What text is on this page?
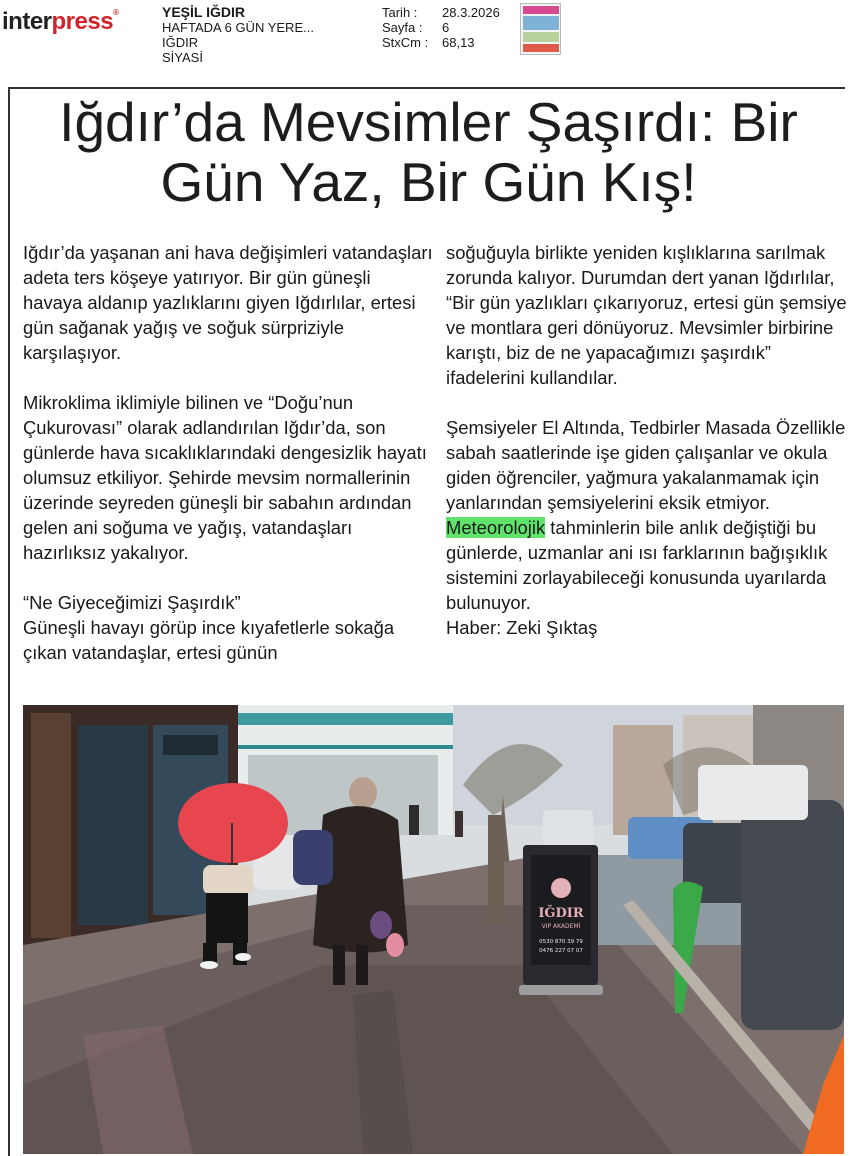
interpress®	YEŞİL IĞDIR
HAFTADA 6 GÜN YERE...
IĞDIR
SİYASİ
Tarih :	28.3.2026
Sayfa :	6
StxCm :	68,13
Iğdır’da Mevsimler Şaşırdı: Bir Gün Yaz, Bir Gün Kış!
Iğdır’da yaşanan ani hava değişimleri vatandaşları adeta ters köşeye yatırıyor. Bir gün güneşli havaya aldanıp yazlıklarını giyen Iğdırlılar, ertesi gün sağanak yağış ve soğuk sürpriziyle karşılaşıyor.

Mikroklima iklimiyle bilinen ve “Doğu’nun Çukurovası” olarak adlandırılan Iğdır’da, son günlerde hava sıcaklıklarındaki dengesizlik hayatı olumsuz etkiliyor. Şehirde mevsim normallerinin üzerinde seyreden güneşli bir sabahın ardından gelen ani soğuma ve yağış, vatandaşları hazırlıksız yakalıyor.

“Ne Giyeceğimizi Şaşırdık”
Güneşli havayı görüp ince kıyafetlerle sokağa çıkan vatandaşlar, ertesi günün
soğuğuyla birlikte yeniden kışlıklarına sarılmak zorunda kalıyor. Durumdan dert yanan Iğdırlılar, “Bir gün yazlıkları çıkarıyoruz, ertesi gün şemsiye ve montlara geri dönüyoruz. Mevsimler birbirine karıştı, biz de ne yapacağımızı şaşırdık” ifadelerini kullandılar.

Şemsiyeler El Altında, Tedbirler Masada Özellikle sabah saatlerinde işe giden çalışanlar ve okula giden öğrenciler, yağmura yakalanmamak için yanlarından şemsiyelerini eksik etmiyor. Meteorolojik tahminlerin bile anlık değiştiği bu günlerde, uzmanlar ani ısı farklarının bağışıklık sistemini zorlayabileceği konusunda uyarılarda bulunuyor.
Haber: Zeki Şıktaş
IĞDIR
VIP AKADEMİ
0530 870 39 79
0476 227 07 07
